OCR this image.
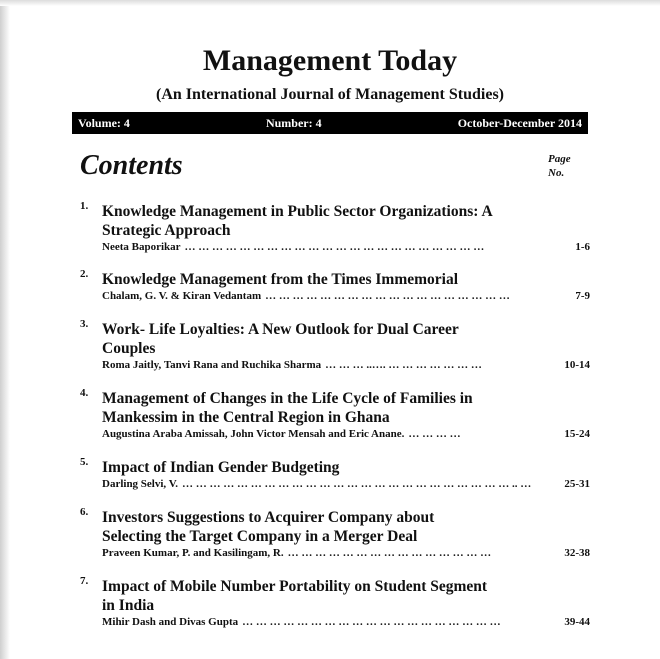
Management Today
(An International Journal of Management Studies)
Volume: 4	Number: 4	October-December 2014
Contents	Page
No.
1. Knowledge Management in Public Sector Organizations: A
Strategic Approach
Neeta Baporikar … … … … … … … … … … … … … … … … … … … … … …	1-6
2. Knowledge Management from the Times Immemorial
Chalam, G. V. & Kiran Vedantam … … … … … … … … … … … … … … … … … …	7-9
3. Work- Life Loyalties: A New Outlook for Dual Career
Couples
Roma Jaitly, Tanvi Rana and Ruchika Sharma … … … ..…. … … … … … … …	10-14
4. Management of Changes in the Life Cycle of Families in
Mankessim in the Central Region in Ghana
Augustina Araba Amissah, John Victor Mensah and Eric Anane. … … … …	15-24
5. Impact of Indian Gender Budgeting
Darling Selvi, V. … … … … … … … … … … … … … … … … … … … … … … … … .. …	25-31
6. Investors Suggestions to Acquirer Company about
Selecting the Target Company in a Merger Deal
Praveen Kumar, P. and Kasilingam, R. … … … … … … … … … … … … … … …	32-38
7. Impact of Mobile Number Portability on Student Segment
in India
Mihir Dash and Divas Gupta … … … … … … … … … … … … … … … … … … …	39-44
